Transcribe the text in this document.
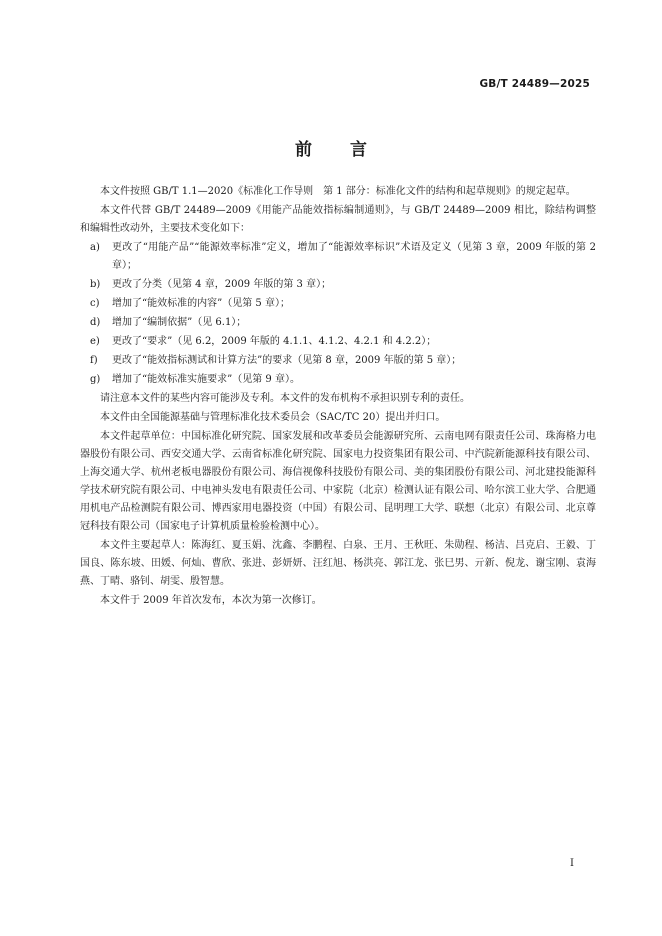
GB/T 24489—2025
前言

本文件按照 GB/T 1.1—2020《标准化工作导则　第 1 部分：标准化文件的结构和起草规则》的规定起草。

本文件代替 GB/T 24489—2009《用能产品能效指标编制通则》，与 GB/T 24489—2009 相比，除结构调整和编辑性改动外，主要技术变化如下：

a)	更改了“用能产品”“能源效率标准”定义，增加了“能源效率标识”术语及定义（见第 3 章，2009 年版的第 2 章）；
b)	更改了分类（见第 4 章，2009 年版的第 3 章）；
c)	增加了“能效标准的内容”（见第 5 章）；
d)	增加了“编制依据”（见 6.1）；
e)	更改了“要求”（见 6.2，2009 年版的 4.1.1、4.1.2、4.2.1 和 4.2.2）；
f)	更改了“能效指标测试和计算方法”的要求（见第 8 章，2009 年版的第 5 章）；
g)	增加了“能效标准实施要求”（见第 9 章）。

请注意本文件的某些内容可能涉及专利。本文件的发布机构不承担识别专利的责任。

本文件由全国能源基础与管理标准化技术委员会（SAC/TC 20）提出并归口。

本文件起草单位：中国标准化研究院、国家发展和改革委员会能源研究所、云南电网有限责任公司、珠海格力电器股份有限公司、西安交通大学、云南省标准化研究院、国家电力投资集团有限公司、中汽院新能源科技有限公司、上海交通大学、杭州老板电器股份有限公司、海信视像科技股份有限公司、美的集团股份有限公司、河北建投能源科学技术研究院有限公司、中电神头发电有限责任公司、中家院（北京）检测认证有限公司、哈尔滨工业大学、合肥通用机电产品检测院有限公司、博西家用电器投资（中国）有限公司、昆明理工大学、联想（北京）有限公司、北京尊冠科技有限公司（国家电子计算机质量检验检测中心）。

本文件主要起草人：陈海红、夏玉娟、沈鑫、李鹏程、白泉、王月、王秋旺、朱勋程、杨洁、吕克启、王毅、丁国良、陈东坡、田媛、何灿、曹欣、张进、彭妍妍、汪红旭、杨洪亮、郭江龙、张巳男、亓新、倪龙、谢宝刚、袁海燕、丁晴、骆钊、胡雯、殷智慧。

本文件于 2009 年首次发布，本次为第一次修订。

I
